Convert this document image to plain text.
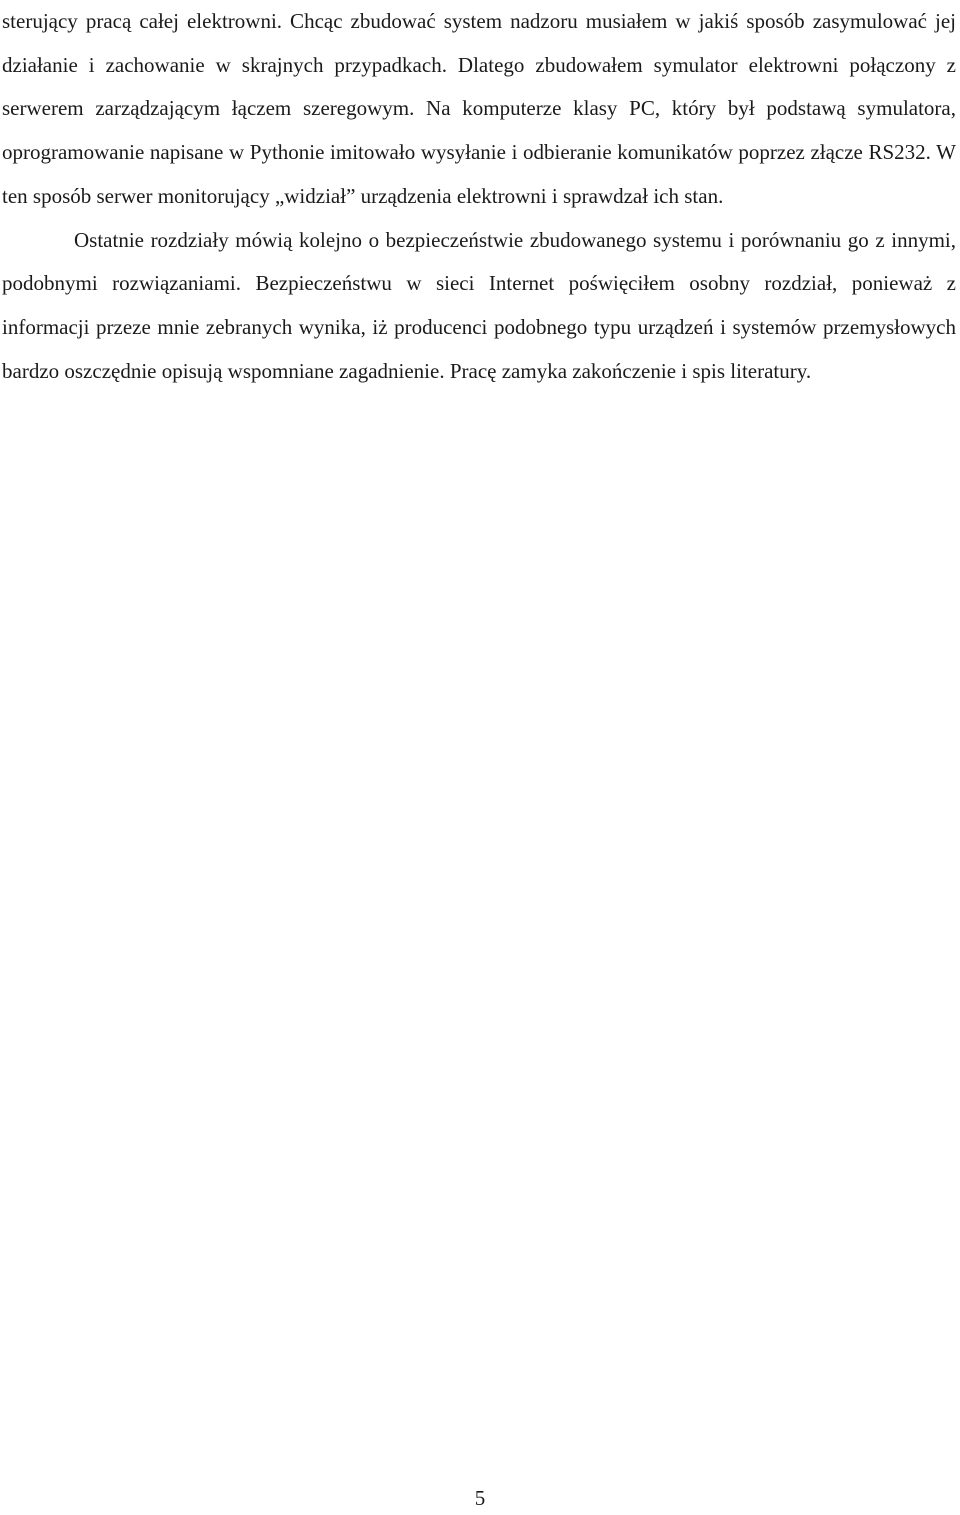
sterujący pracą całej elektrowni. Chcąc zbudować system nadzoru musiałem w jakiś sposób zasymulować jej działanie i zachowanie w skrajnych przypadkach. Dlatego zbudowałem symulator elektrowni połączony z serwerem zarządzającym łączem szeregowym. Na komputerze klasy PC, który był podstawą symulatora, oprogramowanie napisane w Pythonie imitowało wysyłanie i odbieranie komunikatów poprzez złącze RS232. W ten sposób serwer monitorujący „widział” urządzenia elektrowni i sprawdzał ich stan.

Ostatnie rozdziały mówią kolejno o bezpieczeństwie zbudowanego systemu i porównaniu go z innymi, podobnymi rozwiązaniami. Bezpieczeństwu w sieci Internet poświęciłem osobny rozdział, ponieważ z informacji przeze mnie zebranych wynika, iż producenci podobnego typu urządzeń i systemów przemysłowych bardzo oszczędnie opisują wspomniane zagadnienie. Pracę zamyka zakończenie i spis literatury.

5
